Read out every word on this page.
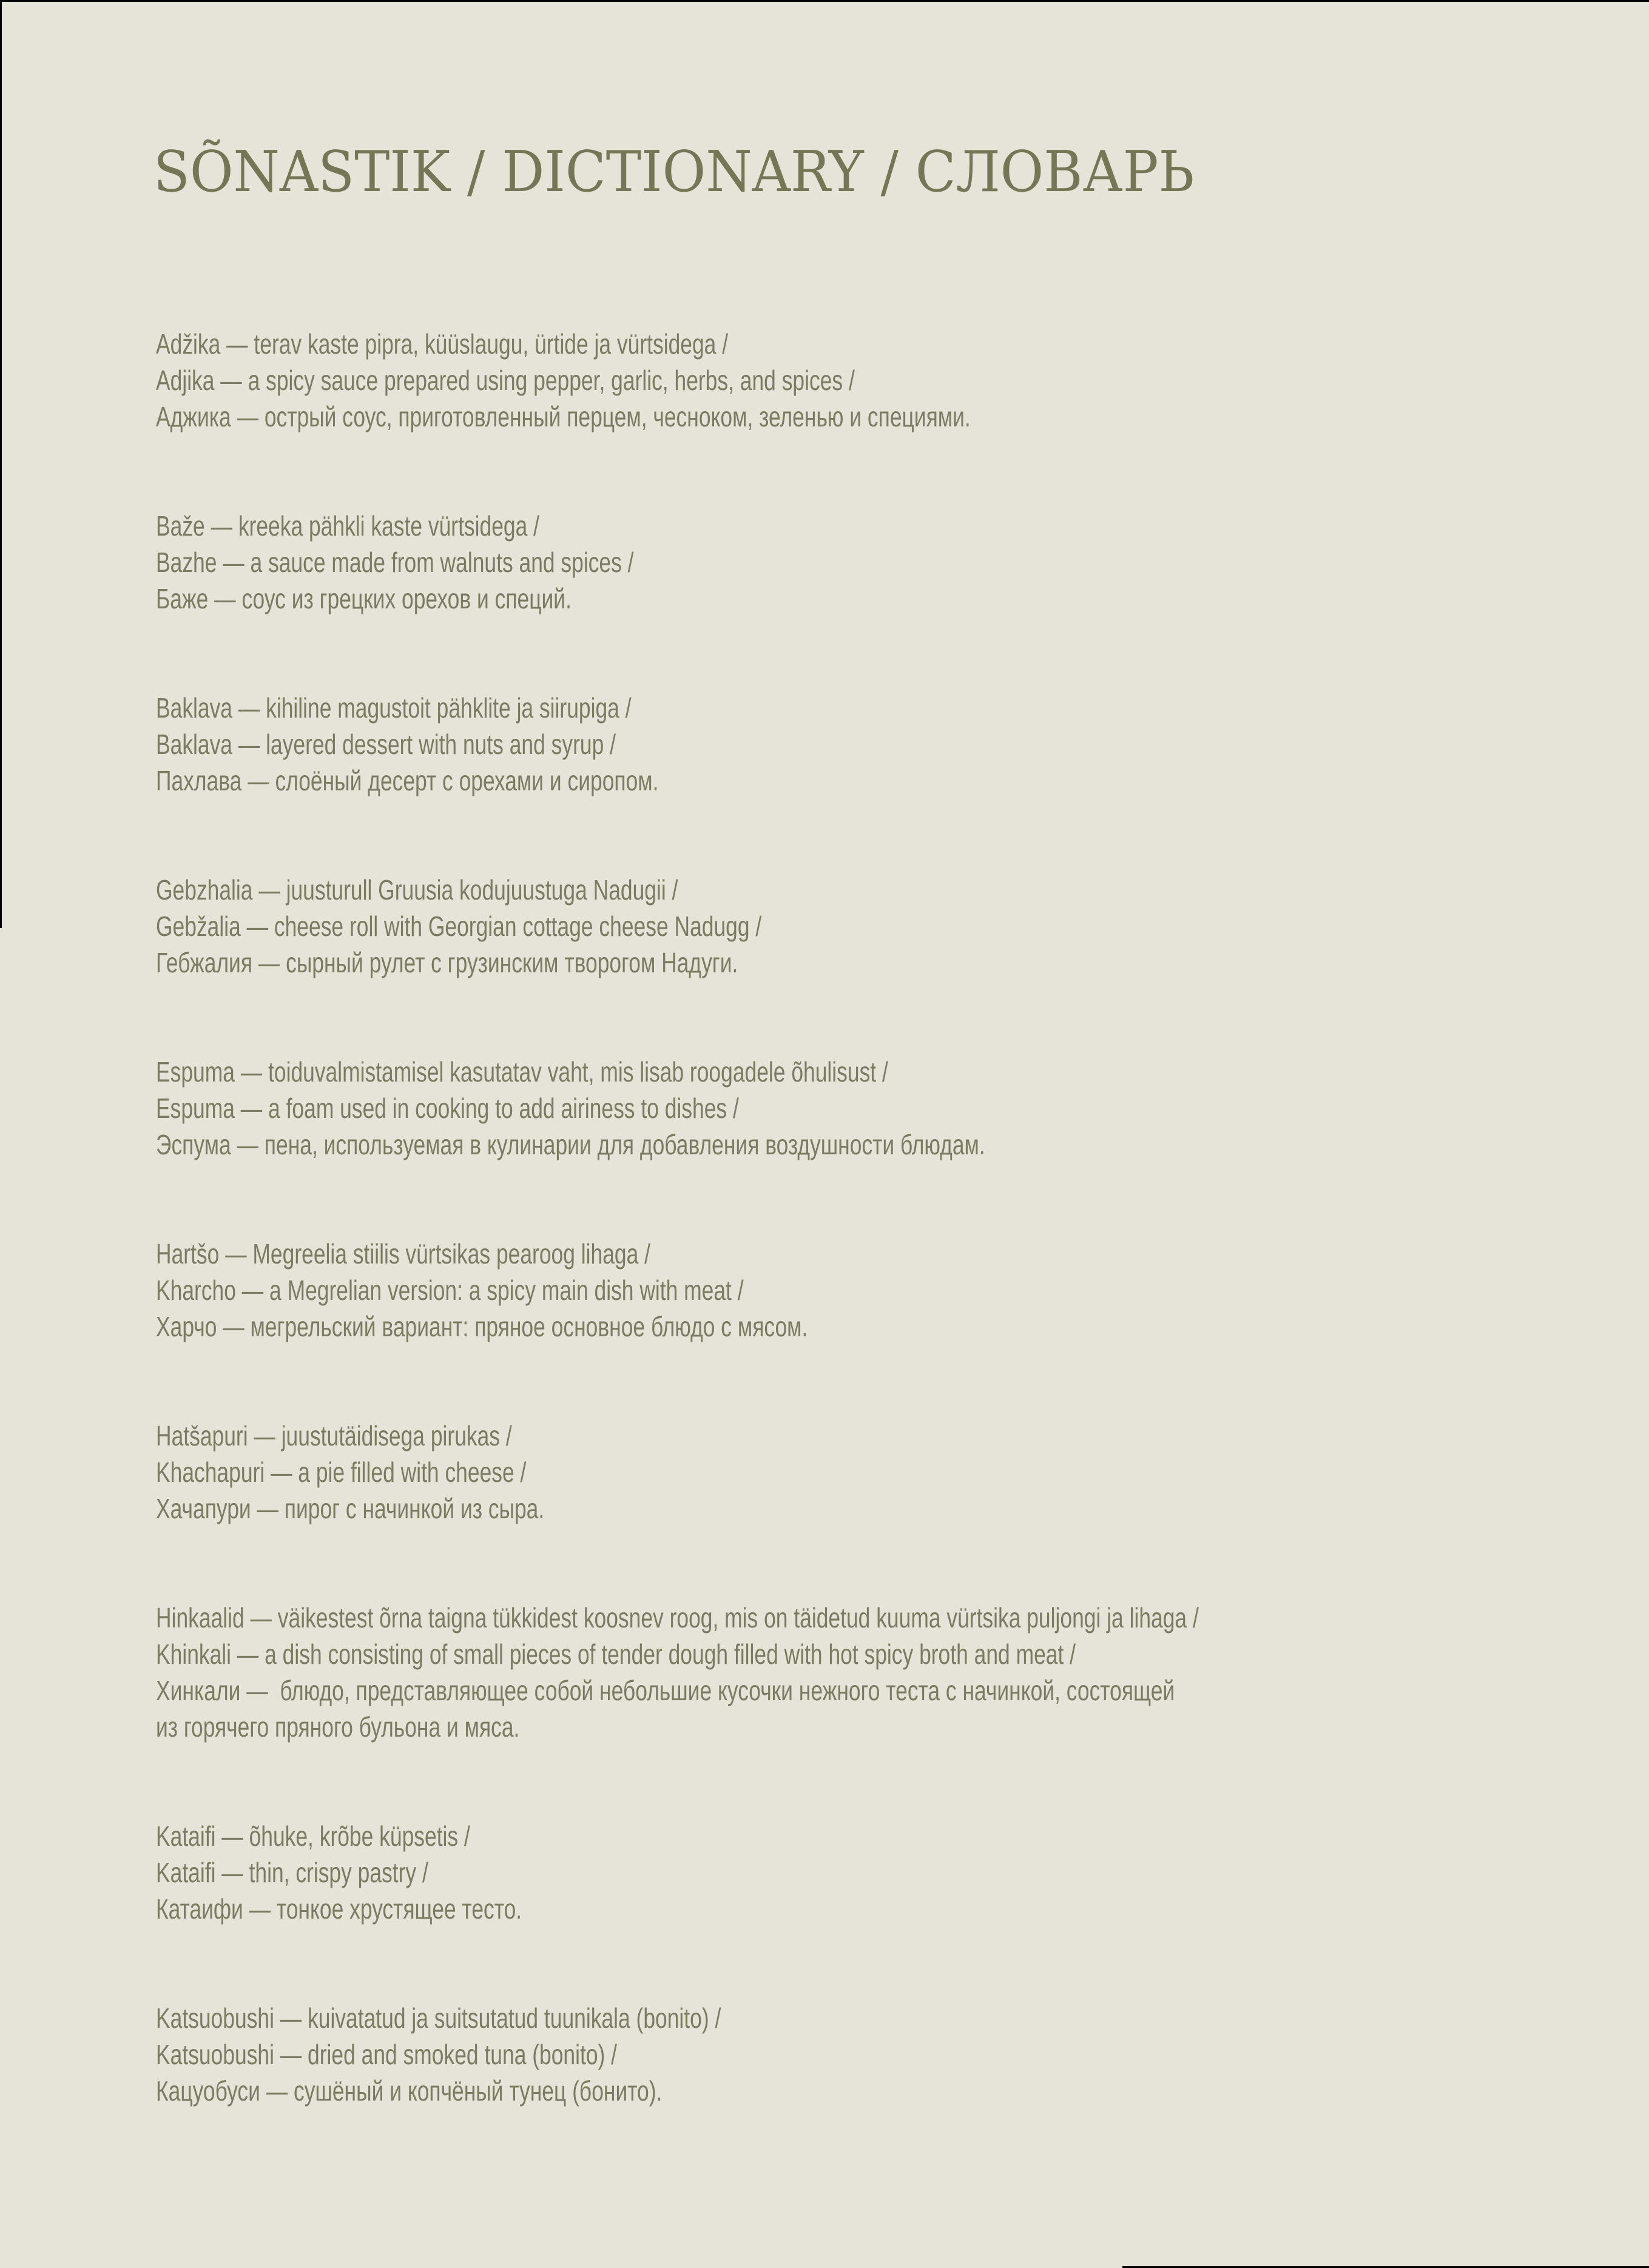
SÕNASTIK / DICTIONARY / СЛОВАРЬ
Adžika — terav kaste pipra, küüslaugu, ürtide ja vürtsidega /
Adjika — a spicy sauce prepared using pepper, garlic, herbs, and spices /
Аджика — острый соус, приготовленный перцем, чесноком, зеленью и специями.
Baže — kreeka pähkli kaste vürtsidega /
Bazhe — a sauce made from walnuts and spices /
Баже — соус из грецких орехов и специй.
Baklava — kihiline magustoit pähklite ja siirupiga /
Baklava — layered dessert with nuts and syrup /
Пахлава — слоёный десерт с орехами и сиропом.
Gebzhalia — juusturull Gruusia kodujuustuga Nadugii /
Gebžalia — cheese roll with Georgian cottage cheese Nadugg /
Гебжалия — сырный рулет с грузинским творогом Надуги.
Espuma — toiduvalmistamisel kasutatav vaht, mis lisab roogadele õhulisust /
Espuma — a foam used in cooking to add airiness to dishes /
Эспума — пена, используемая в кулинарии для добавления воздушности блюдам.
Hartšo — Megreelia stiilis vürtsikas pearoog lihaga /
Kharcho — a Megrelian version: a spicy main dish with meat /
Харчо — мегрельский вариант: пряное основное блюдо с мясом.
Hatšapuri — juustutäidisega pirukas /
Khachapuri — a pie filled with cheese /
Хачапури — пирог с начинкой из сыра.
Hinkaalid — väikestest õrna taigna tükkidest koosnev roog, mis on täidetud kuuma vürtsika puljongi ja lihaga /
Khinkali — a dish consisting of small pieces of tender dough filled with hot spicy broth and meat /
Хинкали —  блюдо, представляющее собой небольшие кусочки нежного теста с начинкой, состоящей
из горячего пряного бульона и мяса.
Kataifi — õhuke, krõbe küpsetis /
Kataifi — thin, crispy pastry /
Катаифи — тонкое хрустящее тесто.
Katsuobushi — kuivatatud ja suitsutatud tuunikala (bonito) /
Katsuobushi — dried and smoked tuna (bonito) /
Кацуобуси — сушёный и копчёный тунец (бонито).
